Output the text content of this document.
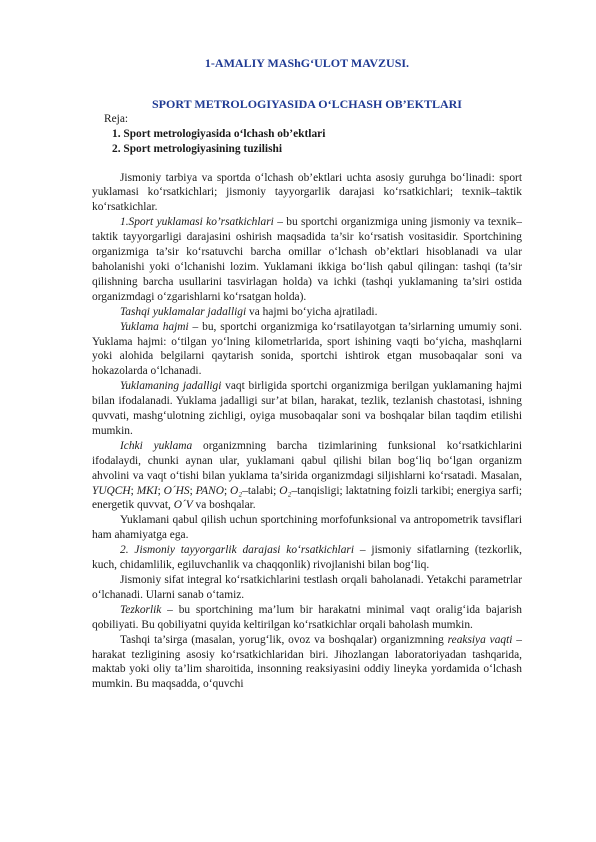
1-AMALIY MAShG‘ULOT MAVZUSI.

SPORT METROLOGIYASIDA O‘LCHASH OB’EKTLARI

Reja:

1. Sport metrologiyasida o‘lchash ob’ektlari

2. Sport metrologiyasining tuzilishi

Jismoniy tarbiya va sportda o‘lchash ob’ektlari uchta asosiy guruhga bo‘linadi: sport yuklamasi ko‘rsatkichlari; jismoniy tayyorgarlik darajasi ko‘rsatkichlari; texnik–taktik ko‘rsatkichlar.

1.Sport yuklamasi ko’rsatkichlari – bu sportchi organizmiga uning jismoniy va texnik–taktik tayyorgarligi darajasini oshirish maqsadida ta’sir ko‘rsatish vositasidir. Sportchining organizmiga ta’sir ko‘rsatuvchi barcha omillar o‘lchash ob’ektlari hisoblanadi va ular baholanishi yoki o‘lchanishi lozim. Yuklamani ikkiga bo‘lish qabul qilingan: tashqi (ta’sir qilishning barcha usullarini tasvirlagan holda) va ichki (tashqi yuklamaning ta’siri ostida organizmdagi o‘zgarishlarni ko‘rsatgan holda).

Tashqi yuklamalar jadalligi va hajmi bo‘yicha ajratiladi.

Yuklama hajmi – bu, sportchi organizmiga ko‘rsatilayotgan ta’sirlarning umumiy soni. Yuklama hajmi: o‘tilgan yo‘lning kilometrlarida, sport ishining vaqti bo‘yicha, mashqlarni yoki alohida belgilarni qaytarish sonida, sportchi ishtirok etgan musobaqalar soni va hokazolarda o‘lchanadi.

Yuklamaning jadalligi vaqt birligida sportchi organizmiga berilgan yuklamaning hajmi bilan ifodalanadi. Yuklama jadalligi sur’at bilan, harakat, tezlik, tezlanish chastotasi, ishning quvvati, mashg‘ulotning zichligi, oyiga musobaqalar soni va boshqalar bilan taqdim etilishi mumkin.

Ichki yuklama organizmning barcha tizimlarining funksional ko‘rsatkichlarini ifodalaydi, chunki aynan ular, yuklamani qabul qilishi bilan bog‘liq bo‘lgan organizm ahvolini va vaqt o‘tishi bilan yuklama ta’sirida organizmdagi siljishlarni ko‘rsatadi. Masalan, YUQCH; MKI; O´HS; PANO; O₂–talabi; O₂–tanqisligi; laktatning foizli tarkibi; energiya sarfi; energetik quvvat, O´V va boshqalar.

Yuklamani qabul qilish uchun sportchining morfofunksional va antropometrik tavsiflari ham ahamiyatga ega.

2. Jismoniy tayyorgarlik darajasi ko‘rsatkichlari – jismoniy sifatlarning (tezkorlik, kuch, chidamlilik, egiluvchanlik va chaqqonlik) rivojlanishi bilan bog‘liq.

Jismoniy sifat integral ko‘rsatkichlarini testlash orqali baholanadi. Yetakchi parametrlar o‘lchanadi. Ularni sanab o‘tamiz.

Tezkorlik – bu sportchining ma’lum bir harakatni minimal vaqt oralig‘ida bajarish qobiliyati. Bu qobiliyatni quyida keltirilgan ko‘rsatkichlar orqali baholash mumkin.

Tashqi ta’sirga (masalan, yorug‘lik, ovoz va boshqalar) organizmning reaksiya vaqti – harakat tezligining asosiy ko‘rsatkichlaridan biri. Jihozlangan laboratoriyadan tashqarida, maktab yoki oliy ta’lim sharoitida, insonning reaksiyasini oddiy lineyka yordamida o‘lchash mumkin. Bu maqsadda, o‘quvchi
